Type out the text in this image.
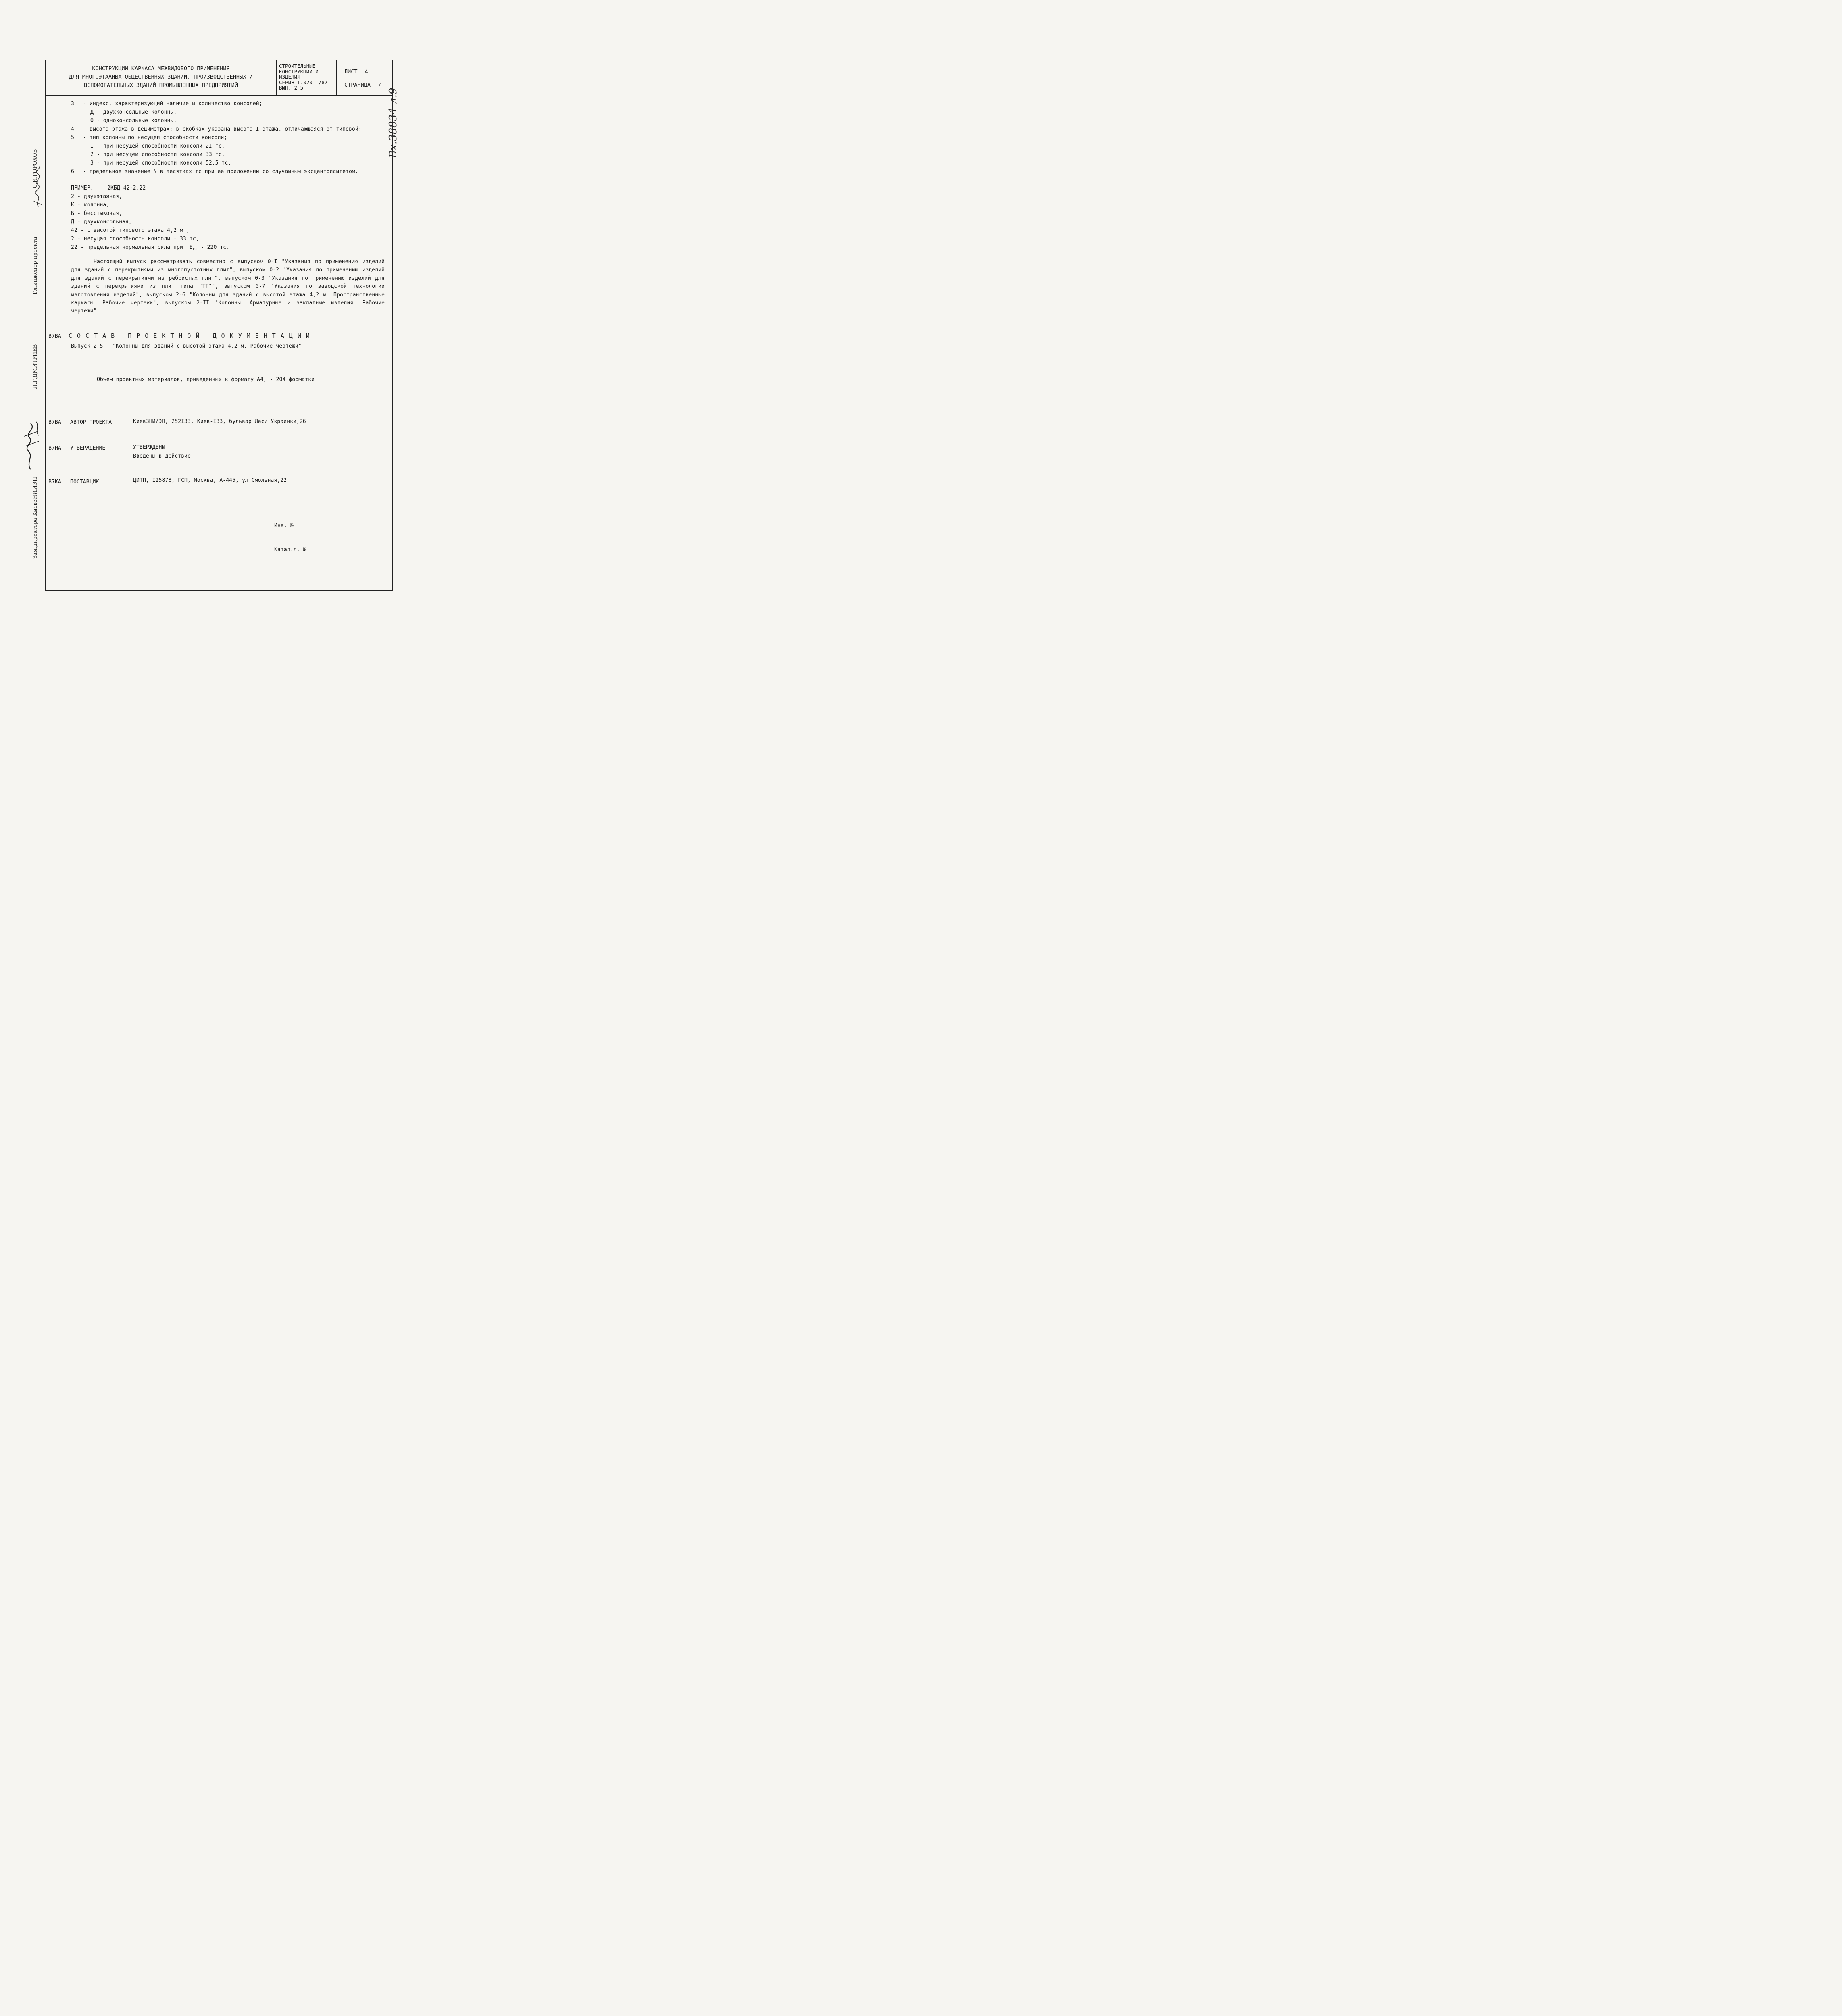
КОНСТРУКЦИИ КАРКАСА МЕЖВИДОВОГО ПРИМЕНЕНИЯ
ДЛЯ МНОГОЭТАЖНЫХ ОБЩЕСТВЕННЫХ ЗДАНИЙ, ПРОИЗВОДСТВЕННЫХ И
ВСПОМОГАТЕЛЬНЫХ ЗДАНИЙ ПРОМЫШЛЕННЫХ ПРЕДПРИЯТИЙ
СТРОИТЕЛЬНЫЕ
КОНСТРУКЦИИ И
ИЗДЕЛИЯ
СЕРИЯ I.020-I/87
ВЫП. 2-5
ЛИСТ 4
СТРАНИЦА 7
3 - индекс, характеризующий наличие и количество консолей;
Д - двухконсольные колонны,
О - одноконсольные колонны,
4 - высота этажа в дециметрах; в скобках указана высота I этажа, отличающаяся от типовой;
5 - тип колонны по несущей способности консоли;
I - при несущей способности консоли 2I тс,
2 - при несущей способности консоли 33 тс,
3 - при несущей способности консоли 52,5 тс,
6 - предельное значение N в десятках тс при ее приложении со случайным эксцентриситетом.
ПРИМЕР:	2КБД 42-2.22
2 - двухэтажная,
К - колонна,
Б - бесстыковая,
Д - двухконсольная,
42 - с высотой типового этажа 4,2 м ,
2 - несущая способность консоли - 33 тс,
22 - предельная нормальная сила при  $Е_{сл} - 220$ тс.
Настоящий выпуск рассматривать совместно с выпуском 0-I "Указания по применению изделий для зданий с перекрытиями из многопустотных плит", выпуском 0-2 "Указания по применению изделий для зданий с перекрытиями из ребристых плит", выпуском 0-3 "Указания по применению изделий для зданий с перекрытиями из плит типа "ТТ"", выпуском 0-7 "Указания по заводской технологии изготовления изделий", выпуском 2-6 "Колонны для зданий с высотой этажа 4,2 м. Пространственные каркасы. Рабочие чертежи", выпуском 2-II "Колонны. Арматурные и закладные изделия. Рабочие чертежи".
В7ВА СОСТАВ ПРОЕКТНОЙ ДОКУМЕНТАЦИИ
Выпуск 2-5 - "Колонны для зданий с высотой этажа 4,2 м. Рабочие чертежи"
Объем проектных материалов, приведенных к формату А4, - 204 форматки
В7ВА АВТОР ПРОЕКТА	КиевЗНИИЭП, 252I33, Киев-I33, бульвар Леси Украинки,26
В7НА УТВЕРЖДЕНИЕ	УТВЕРЖДЕНЫ
Введены в действие
В7КА ПОСТАВЩИК	ЦИТП, I25878, ГСП, Москва, А-445, ул.Смольная,22
Инв. №
Катал.л. №
Гл.инженер проекта  С.И.ГОРОХОВ
Зам.директора КиевЗНИИЭП  Л.Г.ДМИТРИЕВ
Вх.38834 л.9
